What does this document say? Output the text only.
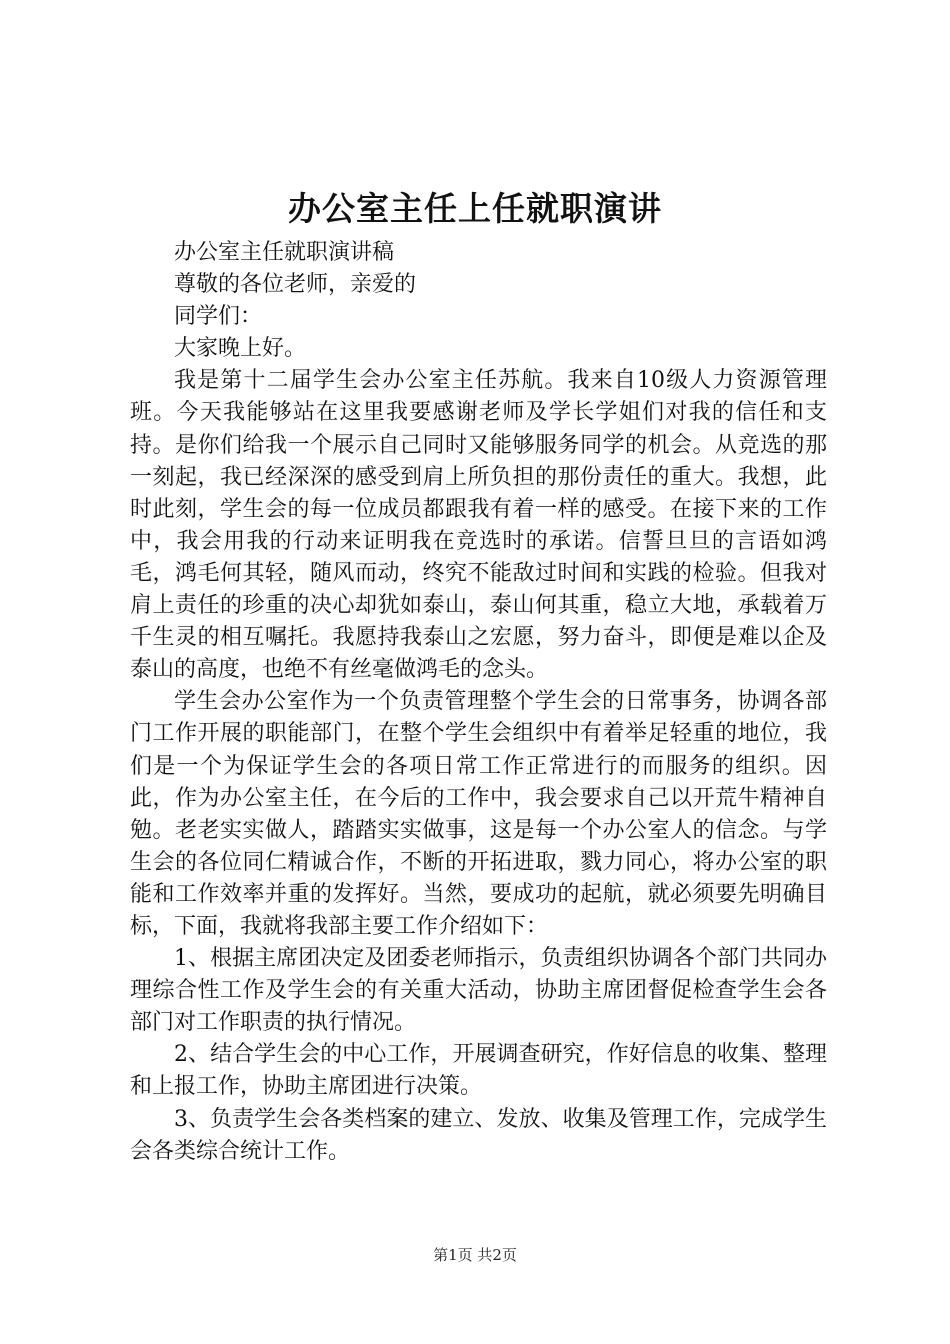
办公室主任上任就职演讲

办公室主任就职演讲稿

尊敬的各位老师，亲爱的

同学们：

大家晚上好。

我是第十二届学生会办公室主任苏航。我来自10级人力资源管理班。今天我能够站在这里我要感谢老师及学长学姐们对我的信任和支持。是你们给我一个展示自己同时又能够服务同学的机会。从竞选的那一刻起，我已经深深的感受到肩上所负担的那份责任的重大。我想，此时此刻，学生会的每一位成员都跟我有着一样的感受。在接下来的工作中，我会用我的行动来证明我在竞选时的承诺。信誓旦旦的言语如鸿毛，鸿毛何其轻，随风而动，终究不能敌过时间和实践的检验。但我对肩上责任的珍重的决心却犹如泰山，泰山何其重，稳立大地，承载着万千生灵的相互嘱托。我愿持我泰山之宏愿，努力奋斗，即便是难以企及泰山的高度，也绝不有丝毫做鸿毛的念头。

学生会办公室作为一个负责管理整个学生会的日常事务，协调各部门工作开展的职能部门，在整个学生会组织中有着举足轻重的地位，我们是一个为保证学生会的各项日常工作正常进行的而服务的组织。因此，作为办公室主任，在今后的工作中，我会要求自己以开荒牛精神自勉。老老实实做人，踏踏实实做事，这是每一个办公室人的信念。与学生会的各位同仁精诚合作，不断的开拓进取，戮力同心，将办公室的职能和工作效率并重的发挥好。当然，要成功的起航，就必须要先明确目标，下面，我就将我部主要工作介绍如下：

1、根据主席团决定及团委老师指示，负责组织协调各个部门共同办理综合性工作及学生会的有关重大活动，协助主席团督促检查学生会各部门对工作职责的执行情况。

2、结合学生会的中心工作，开展调查研究，作好信息的收集、整理和上报工作，协助主席团进行决策。

3、负责学生会各类档案的建立、发放、收集及管理工作，完成学生会各类综合统计工作。

第1页 共2页
